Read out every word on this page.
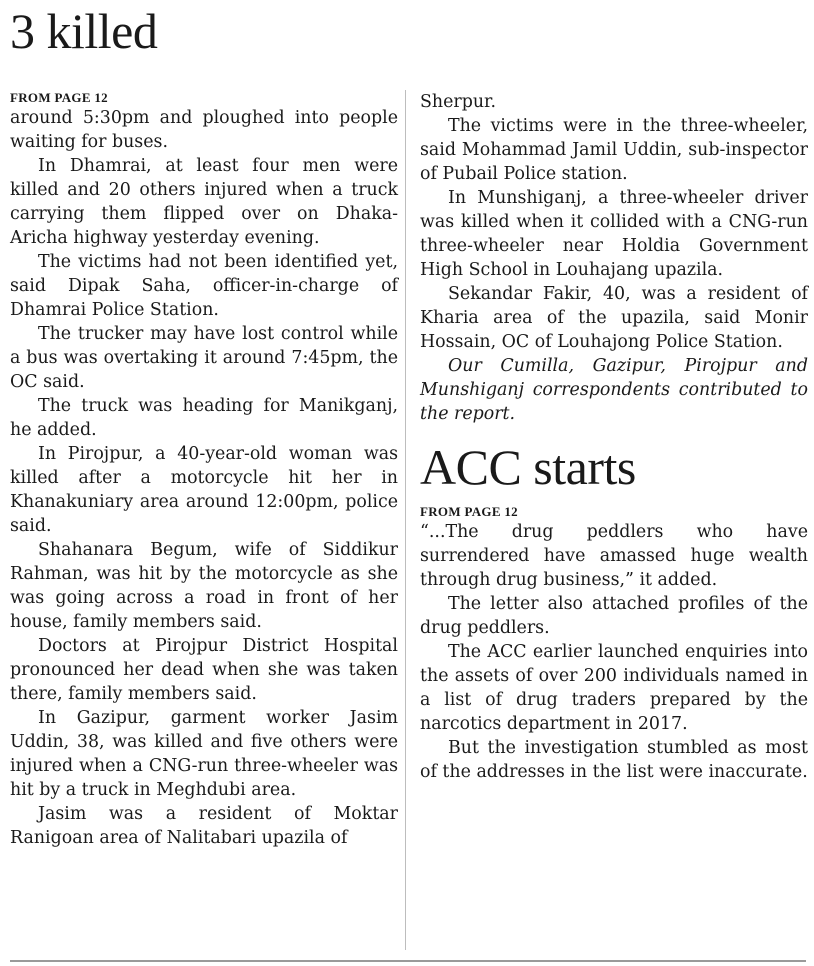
3 killed
FROM PAGE 12

around 5:30pm and ploughed into people waiting for buses.

In Dhamrai, at least four men were killed and 20 others injured when a truck carrying them flipped over on Dhaka-Aricha highway yesterday evening.

The victims had not been identified yet, said Dipak Saha, officer-in-charge of Dhamrai Police Station.

The trucker may have lost control while a bus was overtaking it around 7:45pm, the OC said.

The truck was heading for Manikganj, he added.

In Pirojpur, a 40-year-old woman was killed after a motorcycle hit her in Khanakuniary area around 12:00pm, police said.

Shahanara Begum, wife of Siddikur Rahman, was hit by the motorcycle as she was going across a road in front of her house, family members said.

Doctors at Pirojpur District Hospital pronounced her dead when she was taken there, family members said.

In Gazipur, garment worker Jasim Uddin, 38, was killed and five others were injured when a CNG-run three-wheeler was hit by a truck in Meghdubi area.

Jasim was a resident of Moktar Ranigoan area of Nalitabari upazila of

Sherpur.

The victims were in the three-wheeler, said Mohammad Jamil Uddin, sub-inspector of Pubail Police station.

In Munshiganj, a three-wheeler driver was killed when it collided with a CNG-run three-wheeler near Holdia Government High School in Louhajang upazila.

Sekandar Fakir, 40, was a resident of Kharia area of the upazila, said Monir Hossain, OC of Louhajong Police Station.

Our Cumilla, Gazipur, Pirojpur and Munshiganj correspondents contributed to the report.

ACC starts
FROM PAGE 12

“...The drug peddlers who have surrendered have amassed huge wealth through drug business,” it added.

The letter also attached profiles of the drug peddlers.

The ACC earlier launched enquiries into the assets of over 200 individuals named in a list of drug traders prepared by the narcotics department in 2017.

But the investigation stumbled as most of the addresses in the list were inaccurate.
